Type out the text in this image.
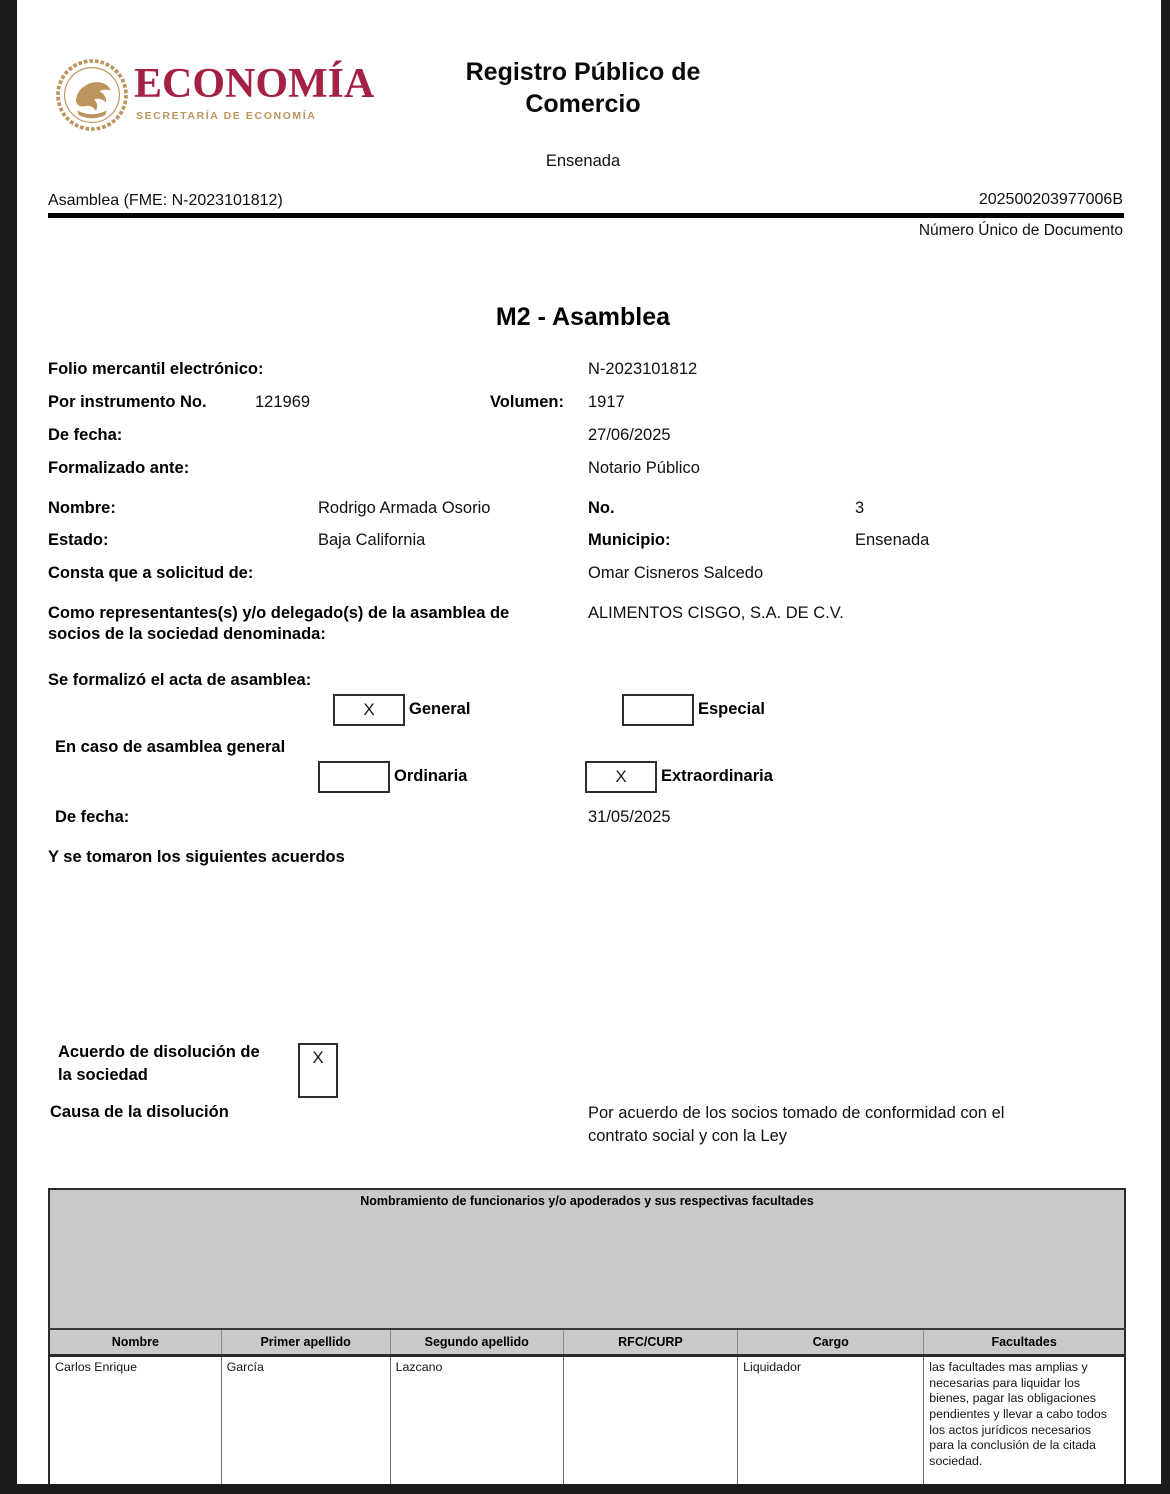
ECONOMÍA
SECRETARÍA DE ECONOMÍA
Registro Público de
Comercio
Ensenada
Asamblea (FME: N-2023101812)	202500203977006B
Número Único de Documento
M2 - Asamblea
Folio mercantil electrónico:	N-2023101812
Por instrumento No.	121969	Volumen: 1917
De fecha:	27/06/2025
Formalizado ante:	Notario Público
Nombre:	Rodrigo Armada Osorio	No.	3
Estado:	Baja California	Municipio:	Ensenada
Consta que a solicitud de:	Omar Cisneros Salcedo
Como representantes(s) y/o delegado(s) de la asamblea de socios de la sociedad denominada:
ALIMENTOS CISGO, S.A. DE C.V.
Se formalizó el acta de asamblea:
X General	Especial
En caso de asamblea general
Ordinaria	X Extraordinaria
De fecha:	31/05/2025
Y se tomaron los siguientes acuerdos
Acuerdo de disolución de la sociedad
X
Causa de la disolución	Por acuerdo de los socios tomado de conformidad con el contrato social y con la Ley
Nombramiento de funcionarios y/o apoderados y sus respectivas facultades					
Nombre	Primer apellido	Segundo apellido	RFC/CURP	Cargo	Facultades
Carlos Enrique	García	Lazcano		Liquidador	las facultades mas amplias y necesarias para liquidar los bienes, pagar las obligaciones pendientes y llevar a cabo todos los actos jurídicos necesarios para la conclusión de la citada sociedad.
